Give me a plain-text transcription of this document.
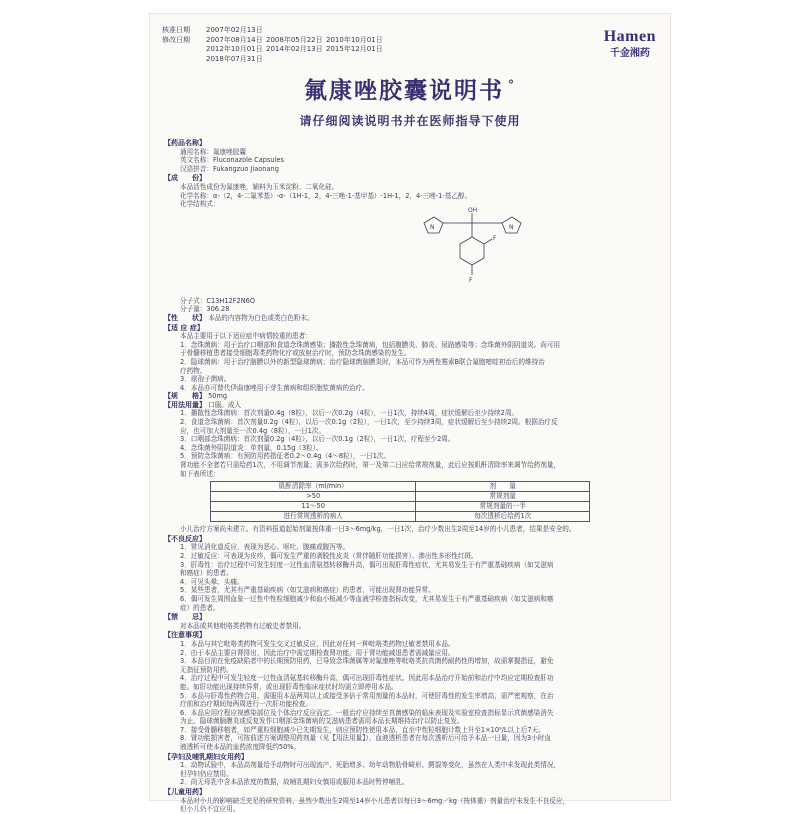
核准日期 2007年02月13日
修改日期 2007年08月14日 2008年05月22日 2010年10月01日
2012年10月01日 2014年02月13日 2015年12月01日
2018年07月31日
Hamen
千金湘药
氟康唑胶囊说明书 °
请仔细阅读说明书并在医师指导下使用
【药品名称】
通用名称：氟康唑胶囊
英文名称：Fluconazole Capsules
汉语拼音：Fukangzuo Jiaonang
【成　　份】
本品活性成份为氟康唑，辅料为玉米淀粉、二氧化硅。
化学名称：α-（2，4-二氟苯基）-α-（1H-1，2，4-三唑-1-基甲基）-1H-1，2，4-三唑-1-基乙醇。
化学结构式：
N
OH
N
F
F
分子式：C13H12F2N6O
分子量：306.28
【性　　状】 本品的内容物为白色或类白色粉末。
【适 应 症】
本品主要用于以下适应症中病情较重的患者：
1．念珠菌病：用于治疗口咽部和食道念珠菌感染；播散性念珠菌病，包括腹膜炎、肺炎、尿路感染等；念珠菌外阴阴道炎。尚可用
于骨髓移植患者接受细胞毒类药物化疗或放射治疗时，预防念珠菌感染的发生。
2．隐球菌病：用于治疗脑膜以外的新型隐球菌病；治疗隐球菌脑膜炎时，本品可作为两性霉素B联合氟胞嘧啶初治后的维持治
疗药物。
3．球孢子菌病。
4．本品亦可替代伊曲康唑用于芽生菌病和组织胞浆菌病的治疗。
【规　　格】 50mg
【用法用量】 口服。成人
1．播散性念珠菌病：首次剂量0.4g（8粒），以后一次0.2g（4粒），一日1次，持续4周，症状缓解后至少持续2周。
2．食道念珠菌病：首次剂量0.2g（4粒），以后一次0.1g（2粒），一日1次，至少持续3周，症状缓解后至少持续2周。根据治疗反
应，也可加大剂量至一次0.4g（8粒），一日1次。
3．口咽部念珠菌病：首次剂量0.2g（4粒），以后一次0.1g（2粒），一日1次，疗程至少2周。
4．念珠菌外阴阴道炎：单剂量，0.15g（3粒）。
5．预防念珠菌病：有预防用药指征者0.2～0.4g（4～8粒），一日1次。
肾功能不全者若只需给药1次，不用调节剂量；需多次给药时，第一及第二日应给常规剂量，此后应按肌酐清除率来调节给药剂量，
如下表所述：
肌酐清除率（ml/min）	剂　　量
>50	常规剂量
11～50	常规剂量的一半
进行常规透析的病人	每次透析后给药1次
小儿治疗方案尚未建立。有资料报道起始剂量按体重一日3～6mg/kg，一日1次，治疗少数出生2周至14岁的小儿患者，结果是安全的。
【不良反应】
1．常见消化道反应，表现为恶心、呕吐、腹痛或腹泻等。
2．过敏反应：可表现为皮疹，偶可发生严重的剥脱性皮炎（常伴随肝功能损害）、渗出性多形性红斑。
3．肝毒性：治疗过程中可发生轻度一过性血清氨基转移酶升高，偶可出现肝毒性症状，尤其易发生于有严重基础疾病（如艾滋病
和癌症）的患者。
4．可见头晕、头痛。
5．某些患者，尤其有严重基础疾病（如艾滋病和癌症）的患者，可能出现肾功能异常。
6．偶可发生周围血象一过性中性粒细胞减少和血小板减少等血液学检查指标改变，尤其易发生于有严重基础疾病（如艾滋病和癌
症）的患者。
【禁　　忌】
对本品或其他吡咯类药物有过敏史者禁用。
【注意事项】
1．本品与其它吡咯类药物可发生交叉过敏反应，因此对任何一种吡咯类药物过敏者禁用本品。
2．由于本品主要自肾排出，因此治疗中需定期检查肾功能。用于肾功能减退患者需减量应用。
3．本品目前在免疫缺陷者中的长期预防用药，已导致念珠菌属等对氟康唑等吡咯类抗真菌药耐药性的增加，故需掌握指征，避免
无指征预防用药。
4．治疗过程中可发生轻度一过性血清氨基转移酶升高，偶可出现肝毒性症状。因此用本品治疗开始前和治疗中均应定期检查肝功
能。如肝功能出现持续异常，或出现肝毒性临床症状时均需立即停用本品。
5．本品与肝毒性药物合用、需服用本品两周以上或接受多倍于常用剂量的本品时，可使肝毒性的发生率增高，需严密观察，在治
疗前和治疗期间每两周进行一次肝功能检查。
6．本品应用疗程应视感染部位及个体治疗反应而定。一般治疗应持续至真菌感染的临床表现及实验室检查指标显示真菌感染消失
为止。隐球菌脑膜炎或反复发作口咽部念珠菌病的艾滋病患者需用本品长期维持治疗以防止复发。
7．接受骨髓移植者，如严重粒细胞减少已先期发生，则应预防性使用本品，直至中性粒细胞计数上升至1×10⁹/L以上后7天。
8．肾功能损害者，可按前述方案调整用药剂量（见【用法用量】），血液透析患者在每次透析后可给予本品一日量，因为3小时血
液透析可使本品的血药浓度降低约50%。
【孕妇及哺乳期妇女用药】
1．动物试验中，本品高剂量给予动物时可出现流产、死胎增多、幼年动物肋骨畸形、腭裂等变化，虽然在人类中未发现此类情况，
但孕妇仍应禁用。
2．尚无母乳中含本品浓度的数据，故哺乳期妇女慎用或服用本品时暂停哺乳。
【儿童用药】
本品对小儿的影响缺乏充足的研究资料，虽然少数出生2周至14岁小儿患者以每日3～6mg／kg（按体重）剂量治疗未发生不良反应，
但小儿仍不宜应用。
